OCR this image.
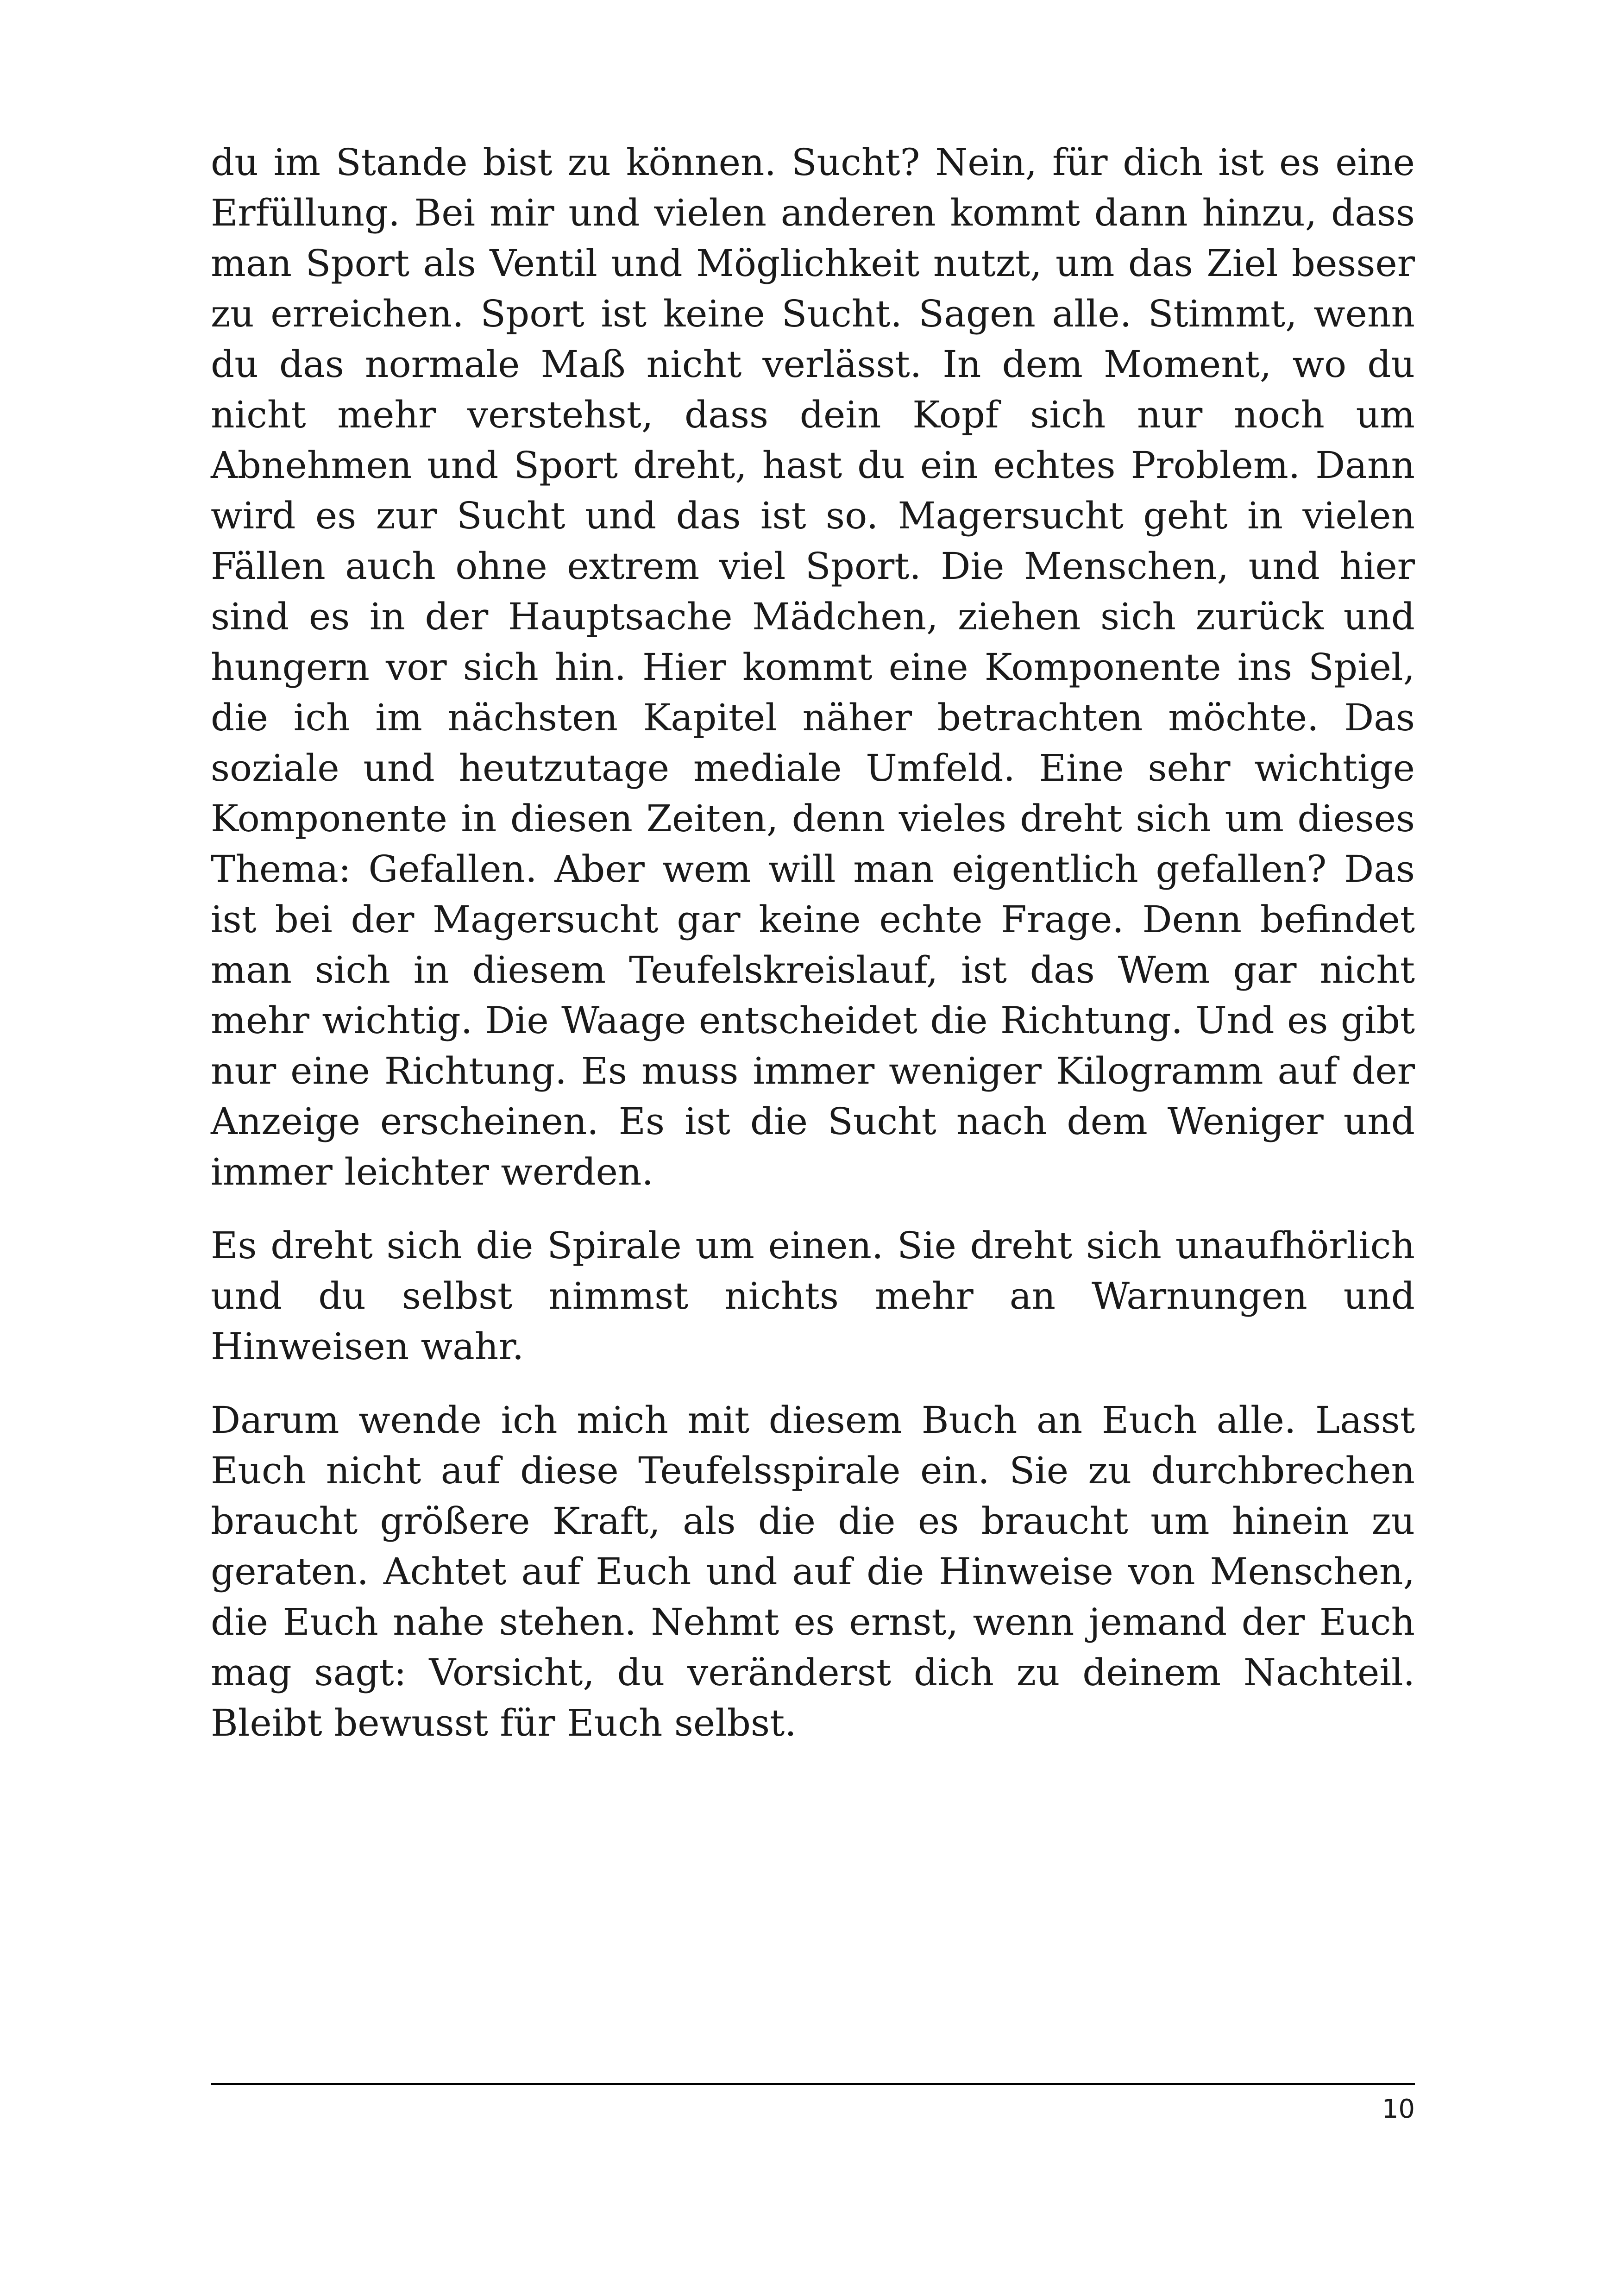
du im Stande bist zu können. Sucht? Nein, für dich ist es eine Erfüllung. Bei mir und vielen anderen kommt dann hinzu, dass man Sport als Ventil und Möglichkeit nutzt, um das Ziel besser zu erreichen. Sport ist keine Sucht. Sagen alle. Stimmt, wenn du das normale Maß nicht verlässt. In dem Moment, wo du nicht mehr verstehst, dass dein Kopf sich nur noch um Abnehmen und Sport dreht, hast du ein echtes Problem. Dann wird es zur Sucht und das ist so. Magersucht geht in vielen Fällen auch ohne extrem viel Sport. Die Menschen, und hier sind es in der Hauptsache Mädchen, ziehen sich zurück und hungern vor sich hin. Hier kommt eine Komponente ins Spiel, die ich im nächsten Kapitel näher betrachten möchte. Das soziale und heutzutage mediale Umfeld. Eine sehr wichtige Komponente in diesen Zeiten, denn vieles dreht sich um dieses Thema: Gefallen. Aber wem will man eigentlich gefallen? Das ist bei der Magersucht gar keine echte Frage. Denn befindet man sich in diesem Teufelskreislauf, ist das Wem gar nicht mehr wichtig. Die Waage entscheidet die Richtung. Und es gibt nur eine Richtung. Es muss immer weniger Kilogramm auf der Anzeige erscheinen. Es ist die Sucht nach dem Weniger und immer leichter werden.

Es dreht sich die Spirale um einen. Sie dreht sich unaufhörlich und du selbst nimmst nichts mehr an Warnungen und Hinweisen wahr.

Darum wende ich mich mit diesem Buch an Euch alle. Lasst Euch nicht auf diese Teufelsspirale ein. Sie zu durchbrechen braucht größere Kraft, als die die es braucht um hinein zu geraten. Achtet auf Euch und auf die Hinweise von Menschen, die Euch nahe stehen. Nehmt es ernst, wenn jemand der Euch mag sagt: Vorsicht, du veränderst dich zu deinem Nachteil. Bleibt bewusst für Euch selbst.

10
